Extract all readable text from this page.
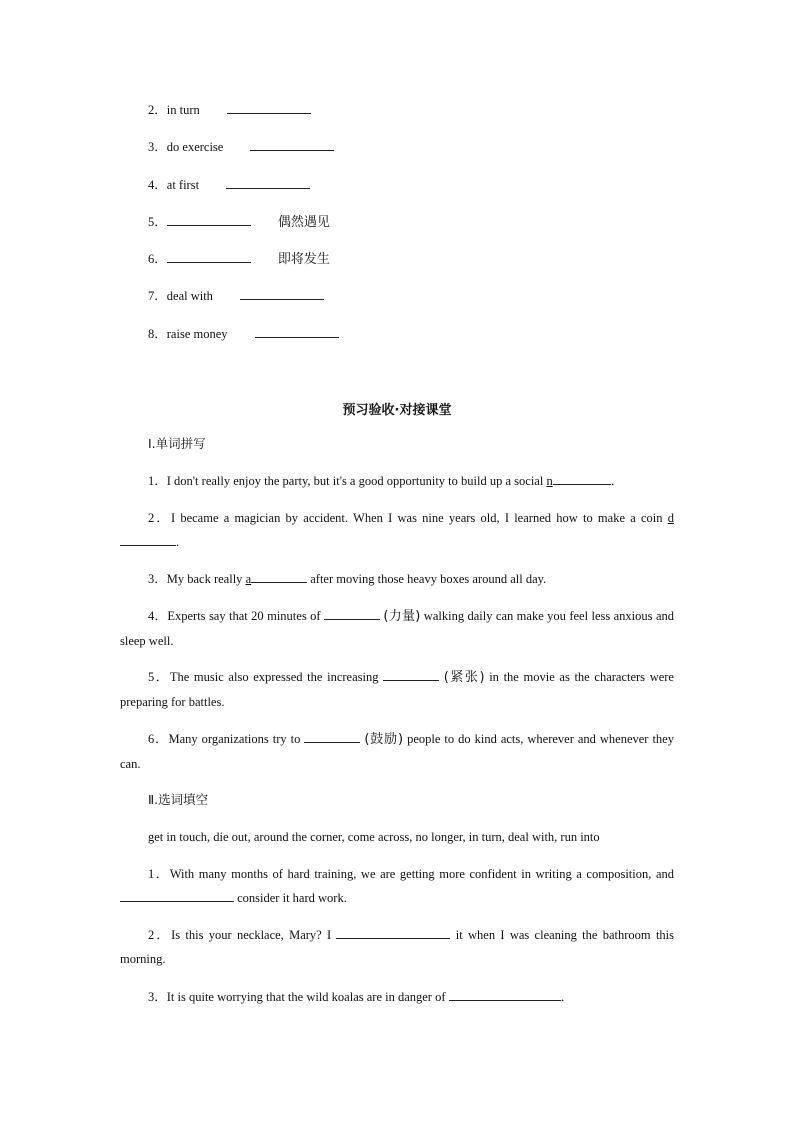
2．in turn
3．do exercise
4．at first
5．	偶然遇见
6．	即将发生
7．deal with
8．raise money
预习验收·对接课堂
Ⅰ.单词拼写
1．I don't really enjoy the party, but it's a good opportunity to build up a social n	．
2．I became a magician by accident. When I was nine years old, I learned how to make a coin d.
3．My back really a	after moving those heavy boxes around all day.
4．Experts say that 20 minutes of	(力量) walking daily can make you feel less anxious and sleep well.
5．The music also expressed the increasing	(紧张) in the movie as the characters were preparing for battles.
6．Many organizations try to	(鼓励) people to do kind acts, wherever and whenever they can.
Ⅱ.选词填空
get in touch, die out, around the corner, come across, no longer, in turn, deal with, run into
1．With many months of hard training, we are getting more confident in writing a composition, and  consider it hard work.
2．Is this your necklace, Mary? I	it when I was cleaning the bathroom this morning.
3．It is quite worrying that the wild koalas are in danger of	．
